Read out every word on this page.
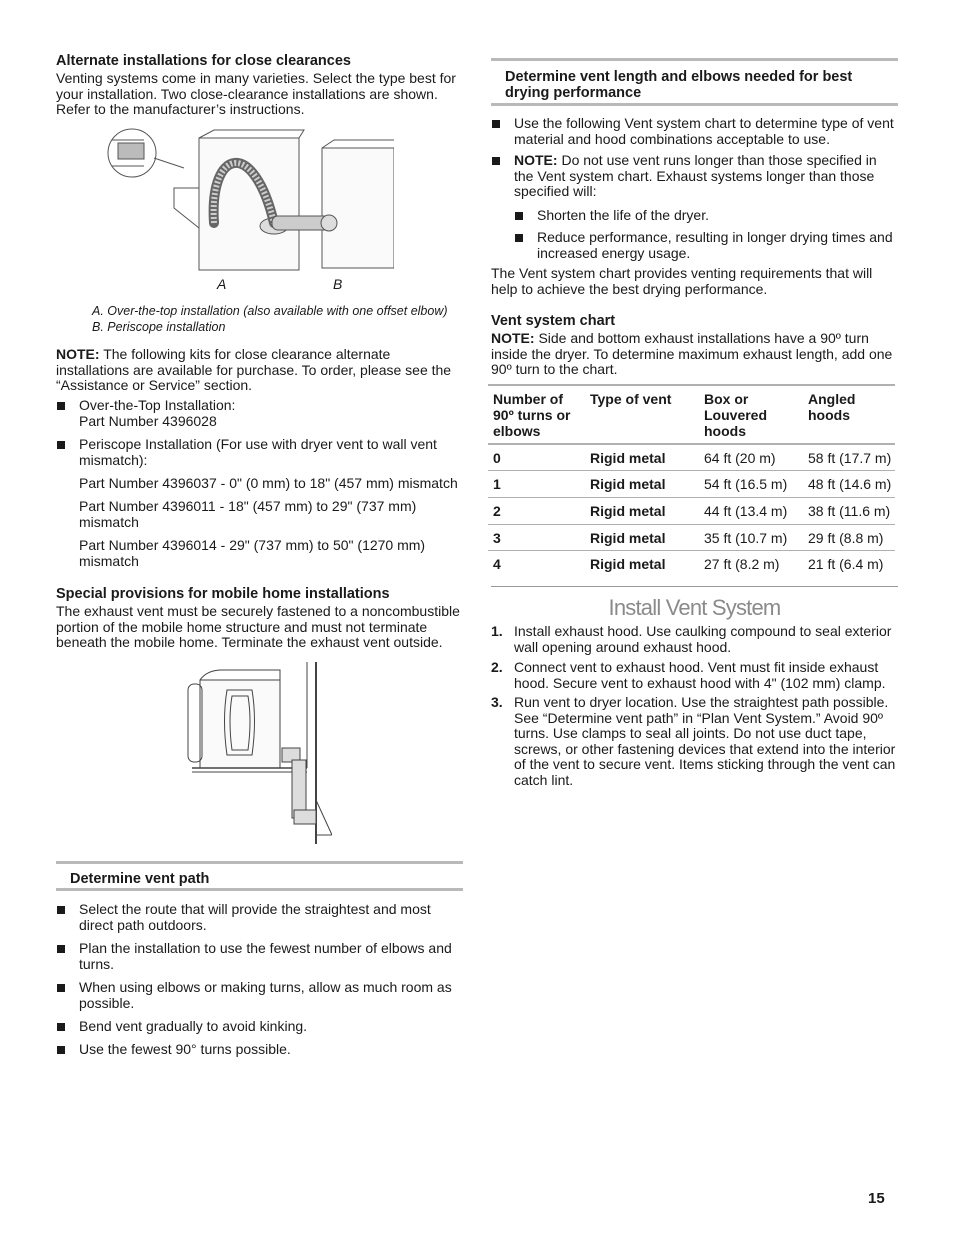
Alternate installations for close clearances

Venting systems come in many varieties. Select the type best for your installation. Two close-clearance installations are shown. Refer to the manufacturer’s instructions.

A	B
A. Over-the-top installation (also available with one offset elbow)
B. Periscope installation

NOTE: The following kits for close clearance alternate installations are available for purchase. To order, please see the “Assistance or Service” section.

Over-the-Top Installation:
Part Number 4396028
Periscope Installation (For use with dryer vent to wall vent mismatch):
Part Number 4396037 - 0" (0 mm) to 18" (457 mm) mismatch
Part Number 4396011 - 18" (457 mm) to 29" (737 mm) mismatch
Part Number 4396014 - 29" (737 mm) to 50" (1270 mm) mismatch
Special provisions for mobile home installations

The exhaust vent must be securely fastened to a noncombustible portion of the mobile home structure and must not terminate beneath the mobile home. Terminate the exhaust vent outside.

Determine vent path
Select the route that will provide the straightest and most direct path outdoors.
Plan the installation to use the fewest number of elbows and turns.
When using elbows or making turns, allow as much room as possible.
Bend vent gradually to avoid kinking.
Use the fewest 90° turns possible.
Determine vent length and elbows needed for best drying performance
Use the following Vent system chart to determine type of vent material and hood combinations acceptable to use.
NOTE: Do not use vent runs longer than those specified in the Vent system chart. Exhaust systems longer than those specified will:
Shorten the life of the dryer.
Reduce performance, resulting in longer drying times and increased energy usage.

The Vent system chart provides venting requirements that will help to achieve the best drying performance.

Vent system chart

NOTE: Side and bottom exhaust installations have a 90º turn inside the dryer. To determine maximum exhaust length, add one 90º turn to the chart.

Number of 90º turns or elbows	Type of vent	Box or Louvered hoods	Angled hoods
0	Rigid metal	64 ft (20 m)	58 ft (17.7 m)
1	Rigid metal	54 ft (16.5 m)	48 ft (14.6 m)
2	Rigid metal	44 ft (13.4 m)	38 ft (11.6 m)
3	Rigid metal	35 ft (10.7 m)	29 ft (8.8 m)
4	Rigid metal	27 ft (8.2 m)	21 ft (6.4 m)
Install Vent System
1. Install exhaust hood. Use caulking compound to seal exterior wall opening around exhaust hood.
2. Connect vent to exhaust hood. Vent must fit inside exhaust hood. Secure vent to exhaust hood with 4" (102 mm) clamp.
3. Run vent to dryer location. Use the straightest path possible. See “Determine vent path” in “Plan Vent System.” Avoid 90º turns. Use clamps to seal all joints. Do not use duct tape, screws, or other fastening devices that extend into the interior of the vent to secure vent. Items sticking through the vent can catch lint.
15
